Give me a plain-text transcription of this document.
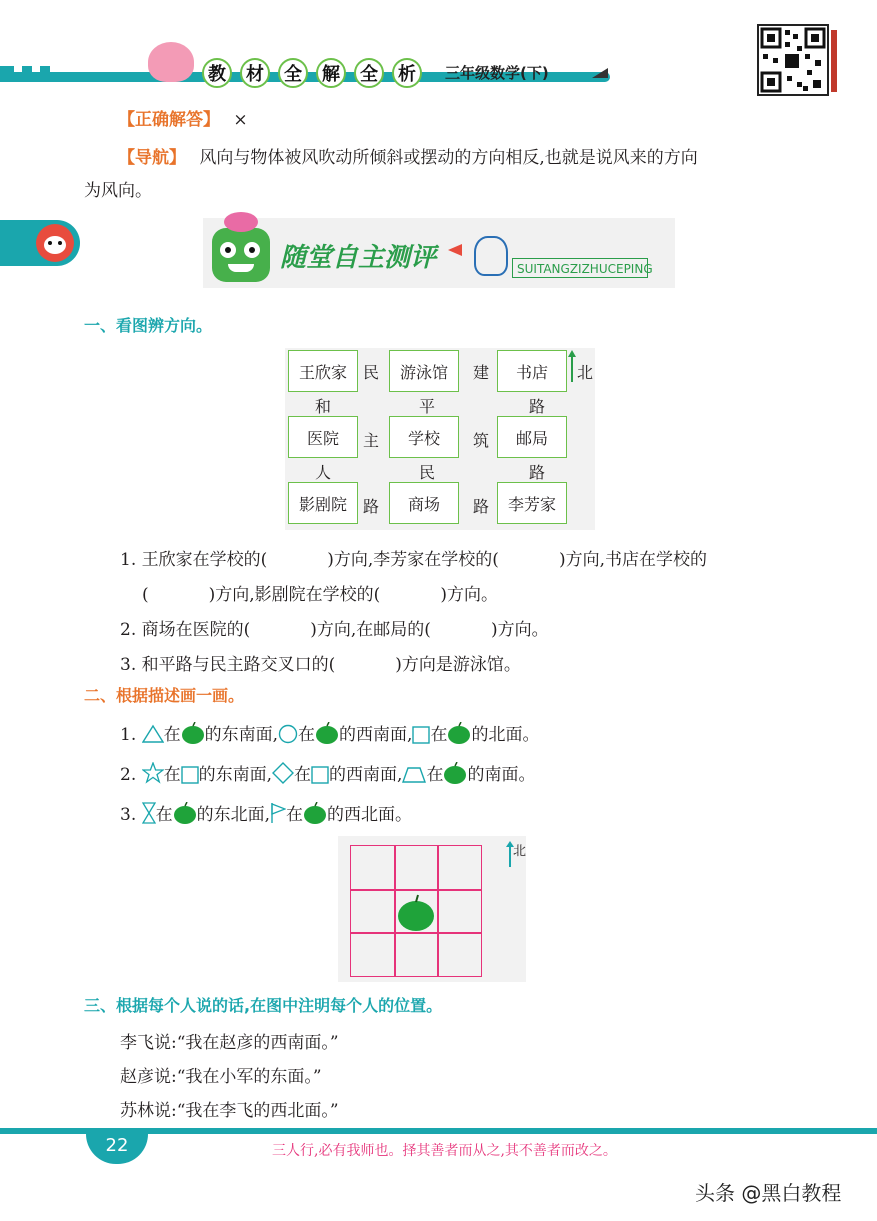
教	材	全	解	全	析	三年级数学(下)
【正确解答】 ×
【导航】 风向与物体被风吹动所倾斜或摆动的方向相反,也就是说风来的方向
为风向。
随堂自主测评	SUITANGZIZHUCEPING
一、看图辨方向。
王欣家	游泳馆	书店
医院	学校	邮局
影剧院	商场	李芳家
民
主
路
建
筑
路
和	平	路
人	民	路
北
1. 王欣家在学校的(	)方向,李芳家在学校的(	)方向,书店在学校的
(	)方向,影剧院在学校的(	)方向。
2. 商场在医院的(	)方向,在邮局的(	)方向。
3. 和平路与民主路交叉口的(	)方向是游泳馆。
二、根据描述画一画。
1. 在 的东南面, 在 的西南面, 在 的北面。
2. 在 的东南面, 在 的西南面, 在 的南面。
3. 在 的东北面, 在 的西北面。
北
三、根据每个人说的话,在图中注明每个人的位置。
李飞说:“我在赵彦的西南面。”
赵彦说:“我在小军的东面。”
苏林说:“我在李飞的西北面。”
22	三人行,必有我师也。择其善者而从之,其不善者而改之。
头条 @黑白教程
